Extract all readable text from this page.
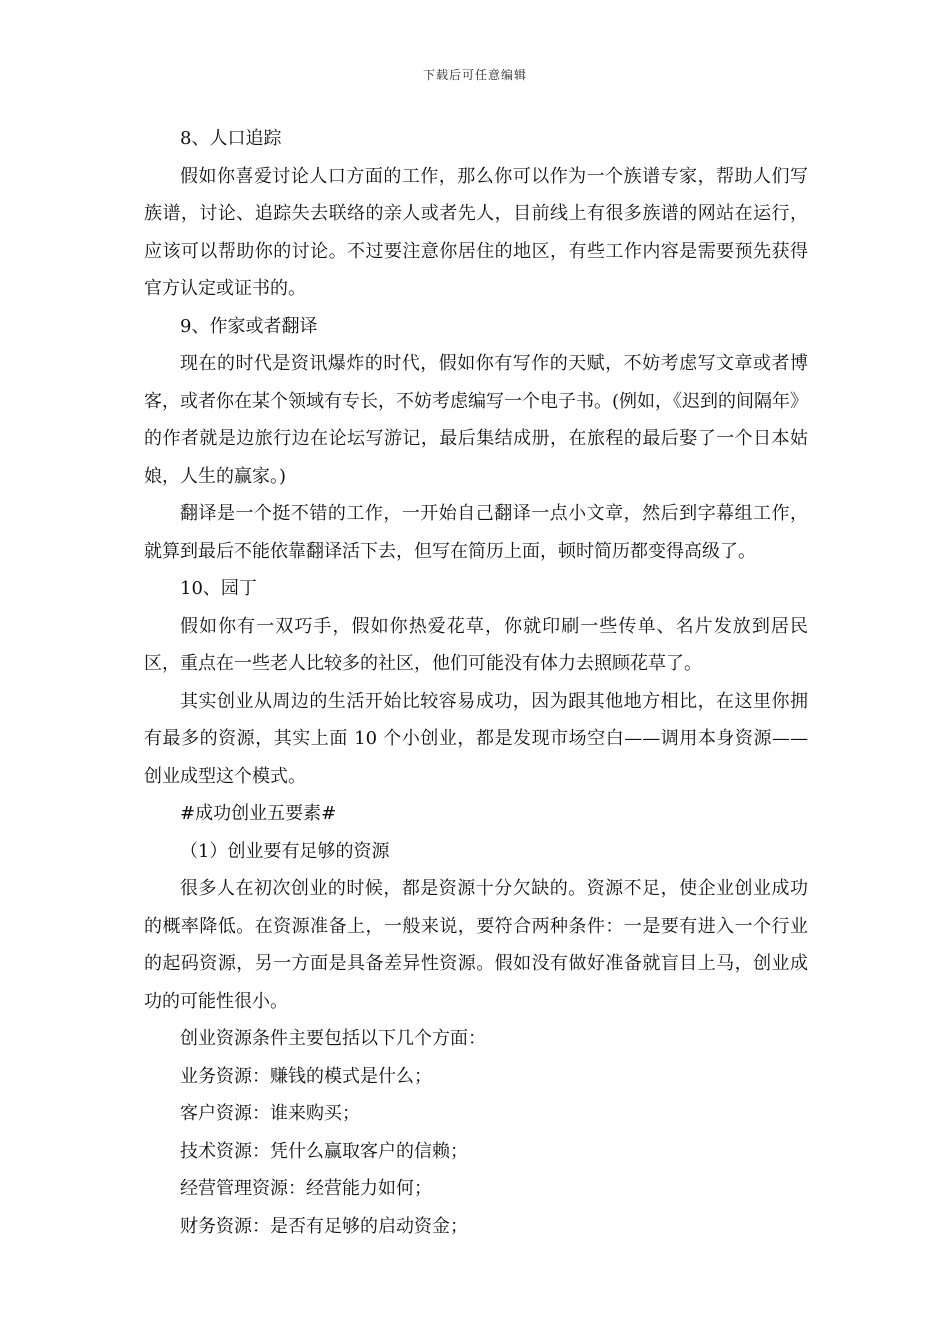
下载后可任意编辑

8、人口追踪

假如你喜爱讨论人口方面的工作，那么你可以作为一个族谱专家，帮助人们写族谱，讨论、追踪失去联络的亲人或者先人，目前线上有很多族谱的网站在运行，应该可以帮助你的讨论。不过要注意你居住的地区，有些工作内容是需要预先获得官方认定或证书的。

9、作家或者翻译

现在的时代是资讯爆炸的时代，假如你有写作的天赋，不妨考虑写文章或者博客，或者你在某个领域有专长，不妨考虑编写一个电子书。(例如，《迟到的间隔年》的作者就是边旅行边在论坛写游记，最后集结成册，在旅程的最后娶了一个日本姑娘，人生的赢家。)

翻译是一个挺不错的工作，一开始自己翻译一点小文章，然后到字幕组工作，就算到最后不能依靠翻译活下去，但写在简历上面，顿时简历都变得高级了。

10、园丁

假如你有一双巧手，假如你热爱花草，你就印刷一些传单、名片发放到居民区，重点在一些老人比较多的社区，他们可能没有体力去照顾花草了。

其实创业从周边的生活开始比较容易成功，因为跟其他地方相比，在这里你拥有最多的资源，其实上面 10 个小创业，都是发现市场空白——调用本身资源——创业成型这个模式。

#成功创业五要素#

（1）创业要有足够的资源

很多人在初次创业的时候，都是资源十分欠缺的。资源不足，使企业创业成功的概率降低。在资源准备上，一般来说，要符合两种条件：一是要有进入一个行业的起码资源，另一方面是具备差异性资源。假如没有做好准备就盲目上马，创业成功的可能性很小。

创业资源条件主要包括以下几个方面：

业务资源：赚钱的模式是什么；

客户资源：谁来购买；

技术资源：凭什么赢取客户的信赖；

经营管理资源：经营能力如何；

财务资源：是否有足够的启动资金；
